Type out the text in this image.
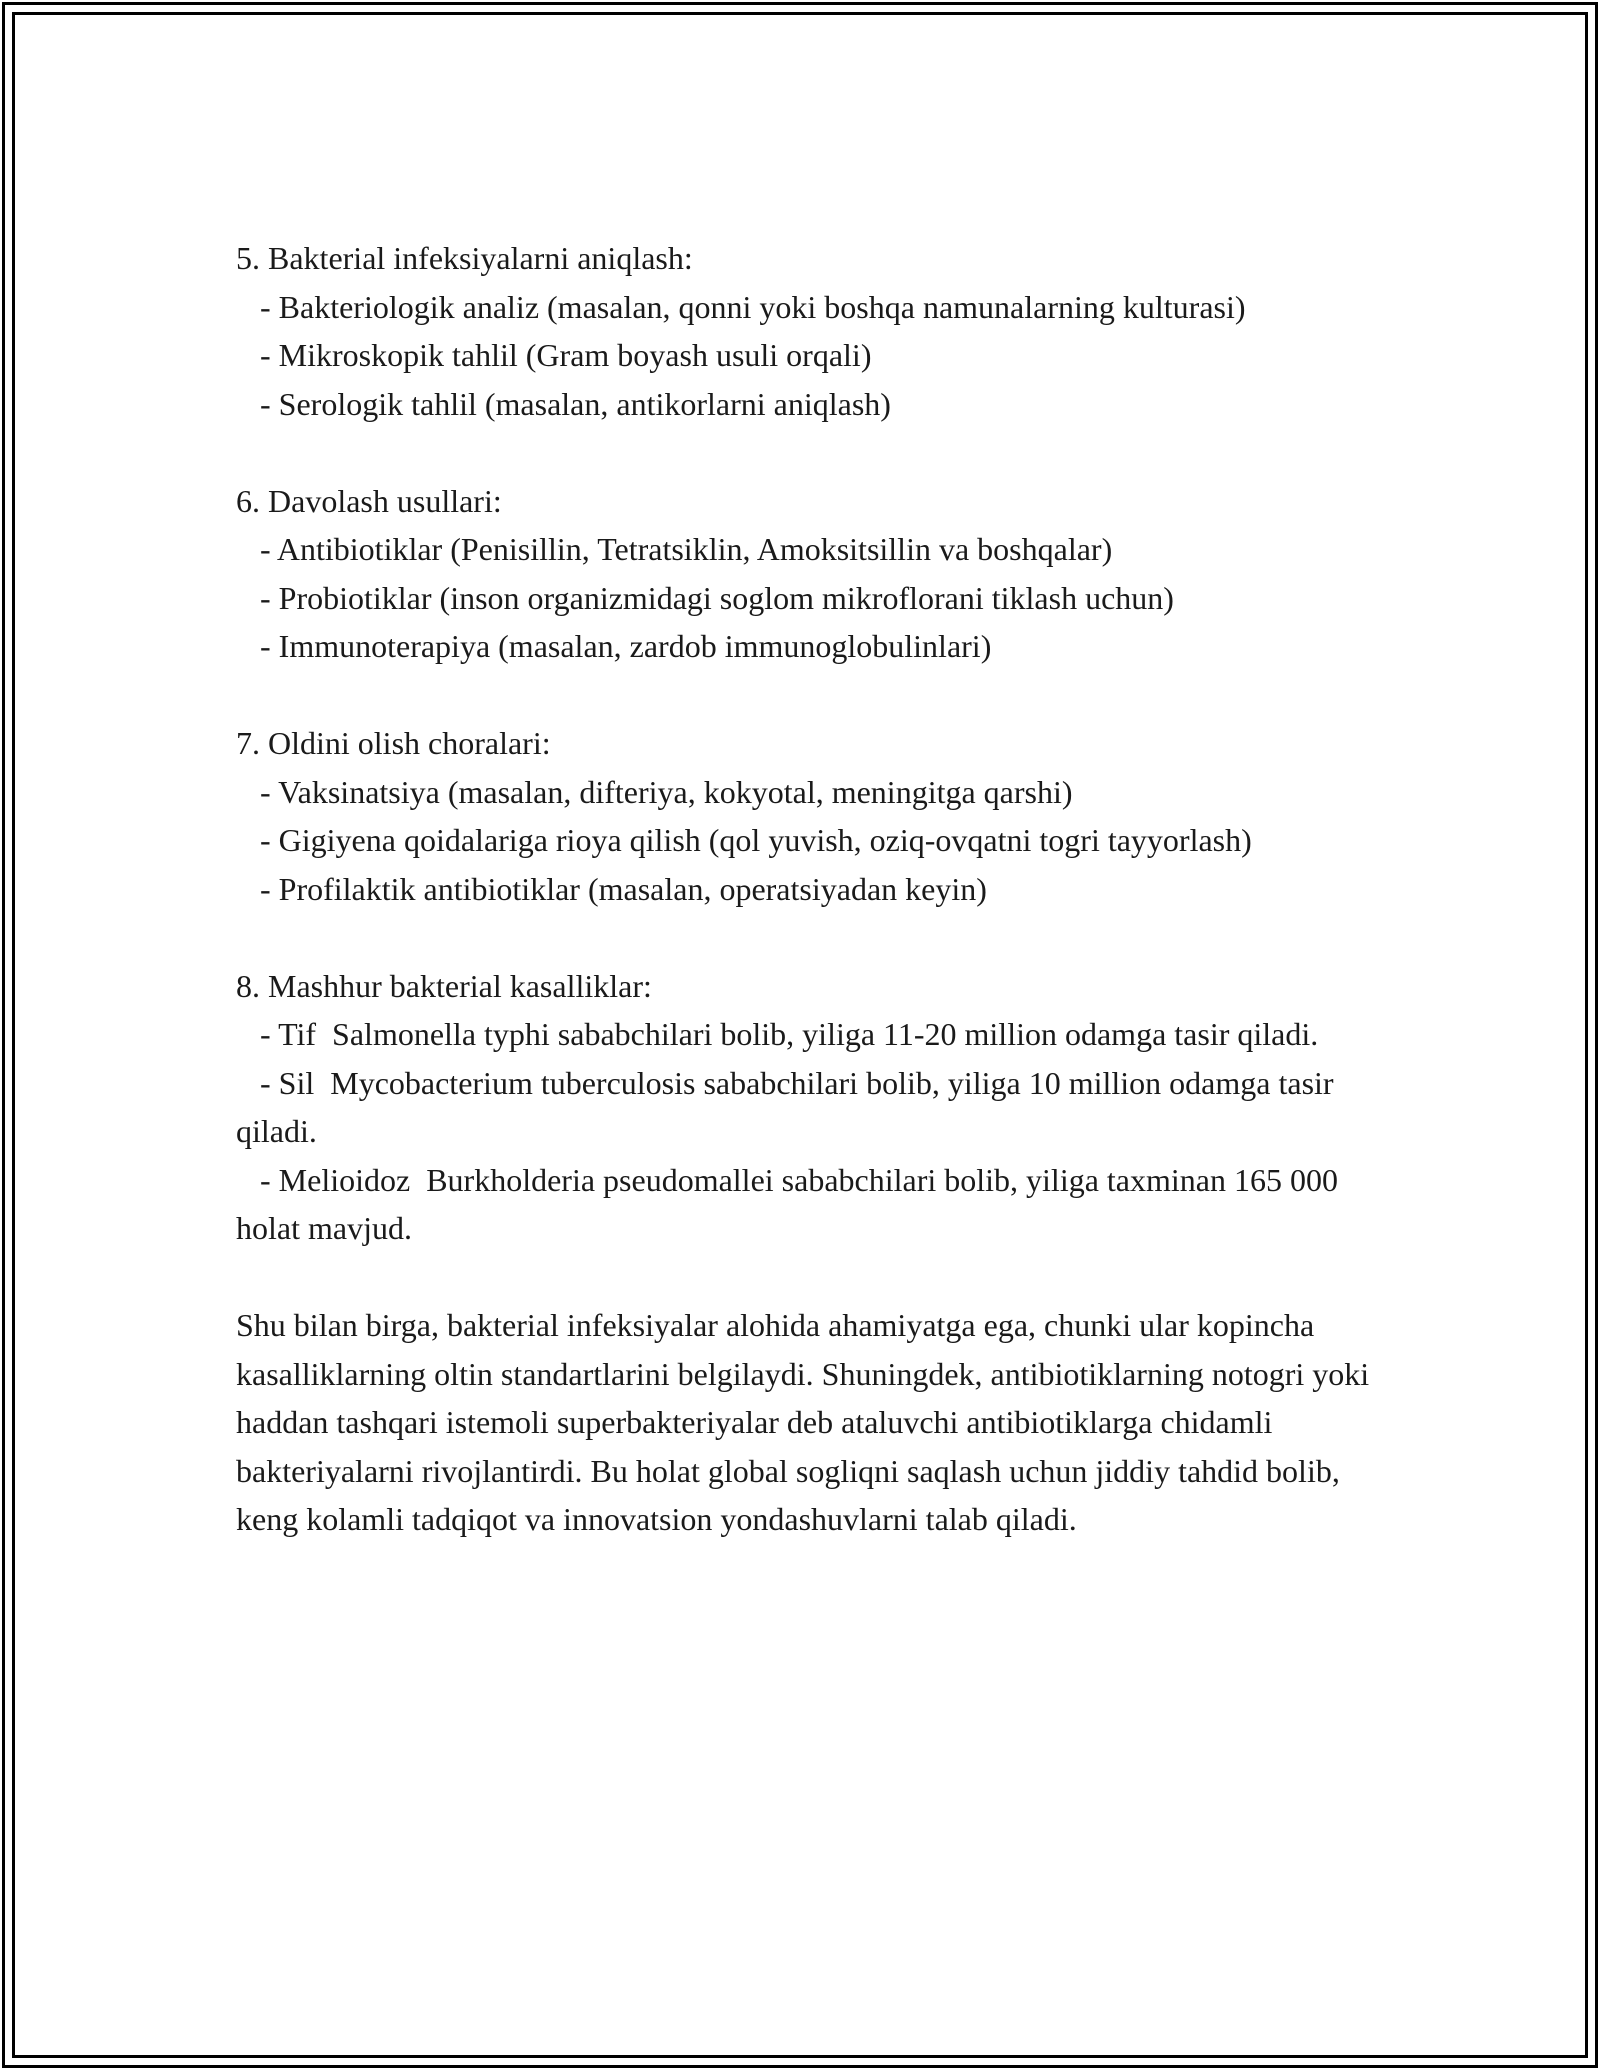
5. Bakterial infeksiyalarni aniqlash:

- Bakteriologik analiz (masalan, qonni yoki boshqa namunalarning kulturasi)

- Mikroskopik tahlil (Gram boyash usuli orqali)

- Serologik tahlil (masalan, antikorlarni aniqlash)

6. Davolash usullari:

- Antibiotiklar (Penisillin, Tetratsiklin, Amoksitsillin va boshqalar)

- Probiotiklar (inson organizmidagi soglom mikroflorani tiklash uchun)

- Immunoterapiya (masalan, zardob immunoglobulinlari)

7. Oldini olish choralari:

- Vaksinatsiya (masalan, difteriya, kokyotal, meningitga qarshi)

- Gigiyena qoidalariga rioya qilish (qol yuvish, oziq-ovqatni togri tayyorlash)

- Profilaktik antibiotiklar (masalan, operatsiyadan keyin)

8. Mashhur bakterial kasalliklar:

- Tif  Salmonella typhi sababchilari bolib, yiliga 11-20 million odamga tasir qiladi.

- Sil  Mycobacterium tuberculosis sababchilari bolib, yiliga 10 million odamga tasir qiladi.

- Melioidoz  Burkholderia pseudomallei sababchilari bolib, yiliga taxminan 165 000 holat mavjud.

Shu bilan birga, bakterial infeksiyalar alohida ahamiyatga ega, chunki ular kopincha kasalliklarning oltin standartlarini belgilaydi. Shuningdek, antibiotiklarning notogri yoki haddan tashqari istemoli superbakteriyalar deb ataluvchi antibiotiklarga chidamli bakteriyalarni rivojlantirdi. Bu holat global sogliqni saqlash uchun jiddiy tahdid bolib, keng kolamli tadqiqot va innovatsion yondashuvlarni talab qiladi.
